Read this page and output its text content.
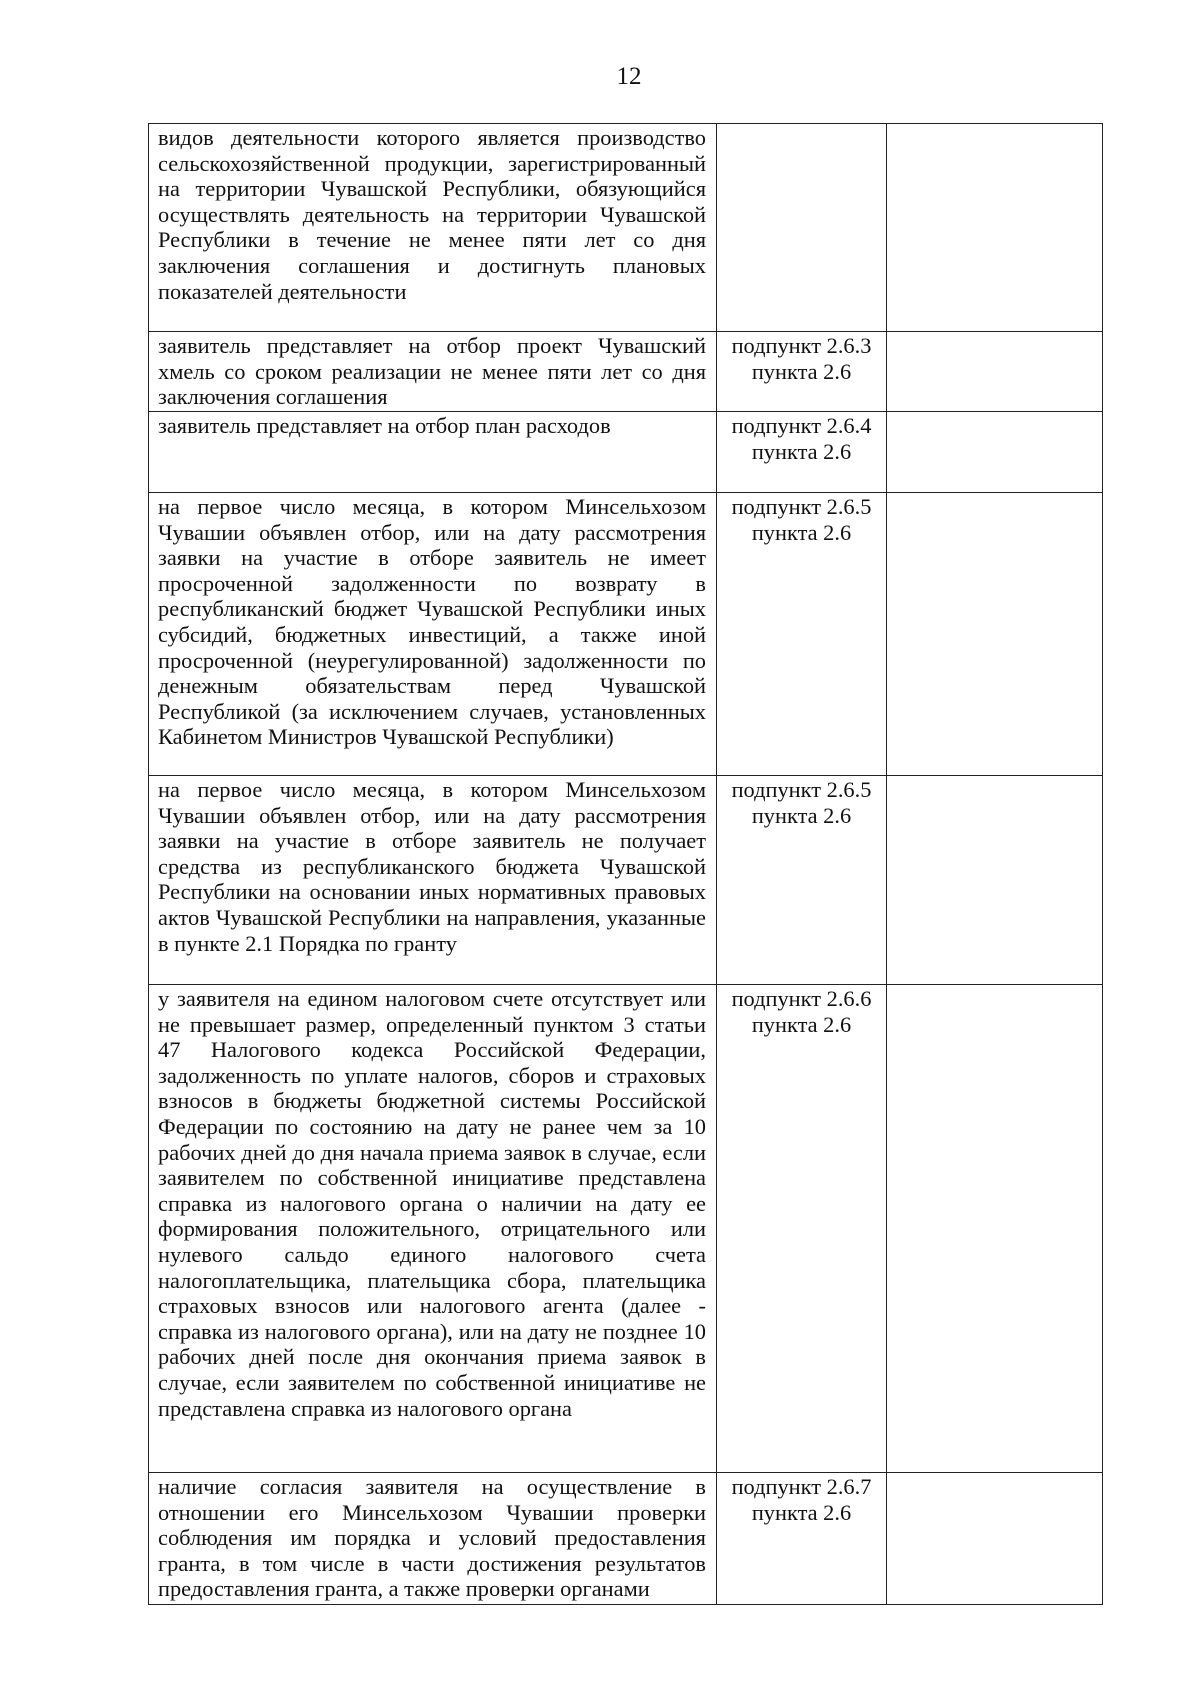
12
видов деятельности которого является производство сельскохозяйственной продукции, зарегистрированный на территории Чувашской Республики, обязующийся осуществлять деятельность на территории Чувашской Республики в течение не менее пяти лет со дня заключения соглашения и достигнуть плановых показателей деятельности		

заявитель представляет на отбор проект Чувашский хмель со сроком реализации не менее пяти лет со дня заключения соглашения	подпункт 2.6.3 пункта 2.6	

заявитель представляет на отбор план расходов	подпункт 2.6.4 пункта 2.6	

на первое число месяца, в котором Минсельхозом Чувашии объявлен отбор, или на дату рассмотрения заявки на участие в отборе заявитель не имеет просроченной задолженности по возврату в республиканский бюджет Чувашской Республики иных субсидий, бюджетных инвестиций, а также иной просроченной (неурегулированной) задолженности по денежным обязательствам перед Чувашской Республикой (за исключением случаев, установленных Кабинетом Министров Чувашской Республики)	подпункт 2.6.5 пункта 2.6	

на первое число месяца, в котором Минсельхозом Чувашии объявлен отбор, или на дату рассмотрения заявки на участие в отборе заявитель не получает средства из республиканского бюджета Чувашской Республики на основании иных нормативных правовых актов Чувашской Республики на направления, указанные в пункте 2.1 Порядка по гранту	подпункт 2.6.5 пункта 2.6	

у заявителя на едином налоговом счете отсутствует или не превышает размер, определенный пунктом 3 статьи 47 Налогового кодекса Российской Федерации, задолженность по уплате налогов, сборов и страховых взносов в бюджеты бюджетной системы Российской Федерации по состоянию на дату не ранее чем за 10 рабочих дней до дня начала приема заявок в случае, если заявителем по собственной инициативе представлена справка из налогового органа о наличии на дату ее формирования положительного, отрицательного или нулевого сальдо единого налогового счета налогоплательщика, плательщика сбора, плательщика страховых взносов или налогового агента (далее - справка из налогового органа), или на дату не позднее 10 рабочих дней после дня окончания приема заявок в случае, если заявителем по собственной инициативе не представлена справка из налогового органа	подпункт 2.6.6 пункта 2.6	

наличие согласия заявителя на осуществление в отношении его Минсельхозом Чувашии проверки соблюдения им порядка и условий предоставления гранта, в том числе в части достижения результатов предоставления гранта, а также проверки органами	подпункт 2.6.7 пункта 2.6	
